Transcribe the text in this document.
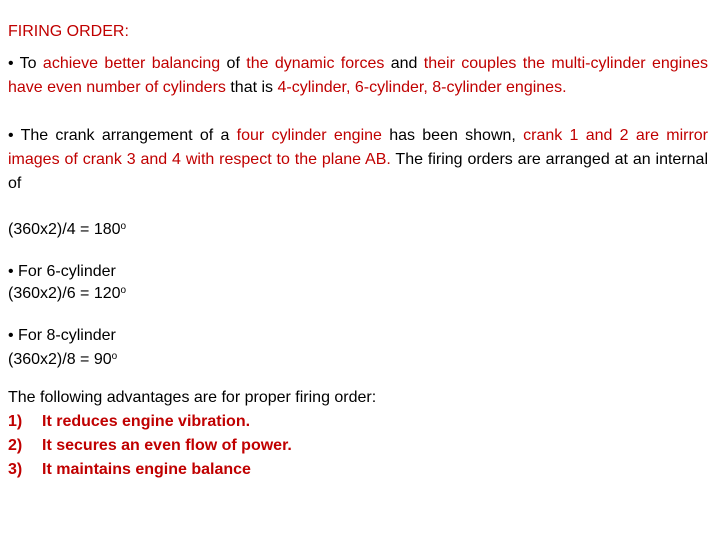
FIRING ORDER:
• To achieve better balancing of the dynamic forces and their couples the multi-cylinder engines have even number of cylinders that is 4-cylinder, 6-cylinder, 8-cylinder engines.
• The crank arrangement of a four cylinder engine has been shown, crank 1 and 2 are mirror images of crank 3 and 4 with respect to the plane AB. The firing orders are arranged at an internal of
$(360x2)/4 = 180^o$
• For 6-cylinder
$(360x2)/6 = 120^o$
• For 8-cylinder
$(360x2)/8 = 90^o$
The following advantages are for proper firing order:
1) It reduces engine vibration.
2) It secures an even flow of power.
3) It maintains engine balance
